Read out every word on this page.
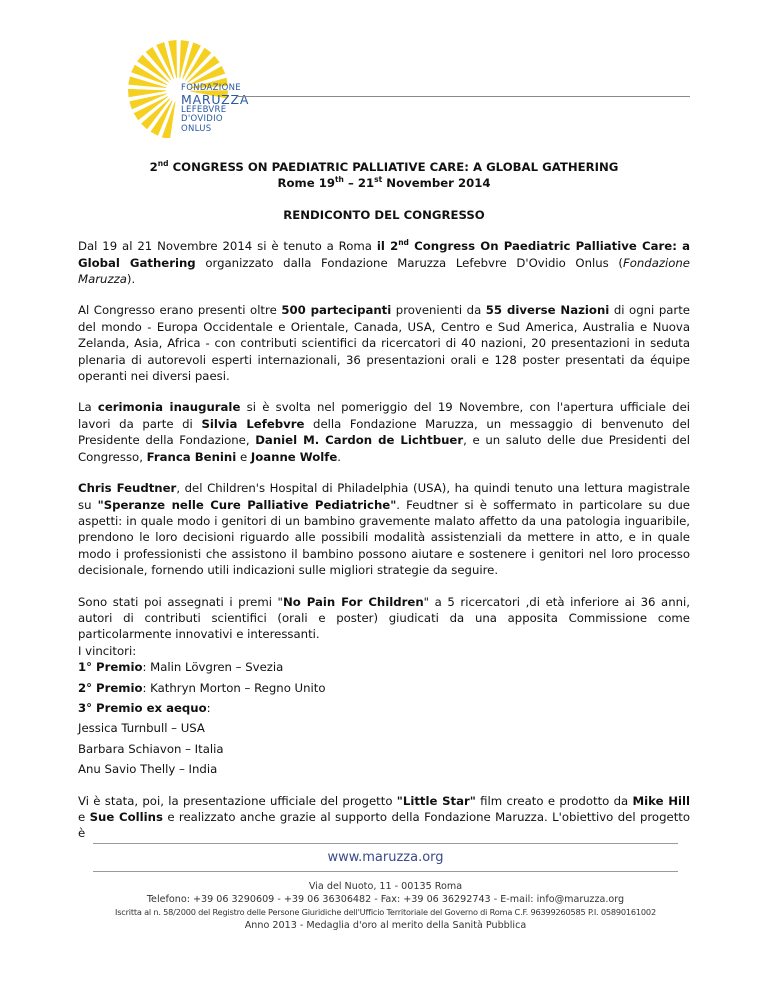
FONDAZIONE
MARUZZA
LEFEBVRE
D'OVIDIO
ONLUS
2nd CONGRESS ON PAEDIATRIC PALLIATIVE CARE: A GLOBAL GATHERING
Rome 19th – 21st November 2014
RENDICONTO DEL CONGRESSO

Dal 19 al 21 Novembre 2014 si è tenuto a Roma il 2nd Congress On Paediatric Palliative Care: a Global Gathering organizzato dalla Fondazione Maruzza Lefebvre D'Ovidio Onlus (Fondazione Maruzza).

Al Congresso erano presenti oltre 500 partecipanti provenienti da 55 diverse Nazioni di ogni parte del mondo - Europa Occidentale e Orientale, Canada, USA, Centro e Sud America, Australia e Nuova Zelanda, Asia, Africa - con contributi scientifici da ricercatori di 40 nazioni, 20 presentazioni in seduta plenaria di autorevoli esperti internazionali, 36 presentazioni orali e 128 poster presentati da équipe operanti nei diversi paesi.

La cerimonia inaugurale si è svolta nel pomeriggio del 19 Novembre, con l'apertura ufficiale dei lavori da parte di Silvia Lefebvre della Fondazione Maruzza, un messaggio di benvenuto del Presidente della Fondazione, Daniel M. Cardon de Lichtbuer, e un saluto delle due Presidenti del Congresso, Franca Benini e Joanne Wolfe.

Chris Feudtner, del Children's Hospital di Philadelphia (USA), ha quindi tenuto una lettura magistrale su "Speranze nelle Cure Palliative Pediatriche". Feudtner si è soffermato in particolare su due aspetti: in quale modo i genitori di un bambino gravemente malato affetto da una patologia inguaribile, prendono le loro decisioni riguardo alle possibili modalità assistenziali da mettere in atto, e in quale modo i professionisti che assistono il bambino possono aiutare e sostenere i genitori nel loro processo decisionale, fornendo utili indicazioni sulle migliori strategie da seguire.

Sono stati poi assegnati i premi "No Pain For Children" a 5 ricercatori ,di età inferiore ai 36 anni, autori di contributi scientifici (orali e poster) giudicati da una apposita Commissione come particolarmente innovativi e interessanti.

I vincitori:

1° Premio: Malin Lövgren – Svezia
2° Premio: Kathryn Morton – Regno Unito
3° Premio ex aequo:
Jessica Turnbull – USA
Barbara Schiavon – Italia
Anu Savio Thelly – India

Vi è stata, poi, la presentazione ufficiale del progetto "Little Star" film creato e prodotto da Mike Hill e Sue Collins e realizzato anche grazie al supporto della Fondazione Maruzza. L'obiettivo del progetto è

www.maruzza.org
Via del Nuoto, 11 - 00135 Roma
Telefono: +39 06 3290609 - +39 06 36306482 - Fax: +39 06 36292743 - E-mail: info@maruzza.org
Iscritta al n. 58/2000 del Registro delle Persone Giuridiche dell'Ufficio Territoriale del Governo di Roma C.F. 96399260585 P.I. 05890161002
Anno 2013 - Medaglia d'oro al merito della Sanità Pubblica
